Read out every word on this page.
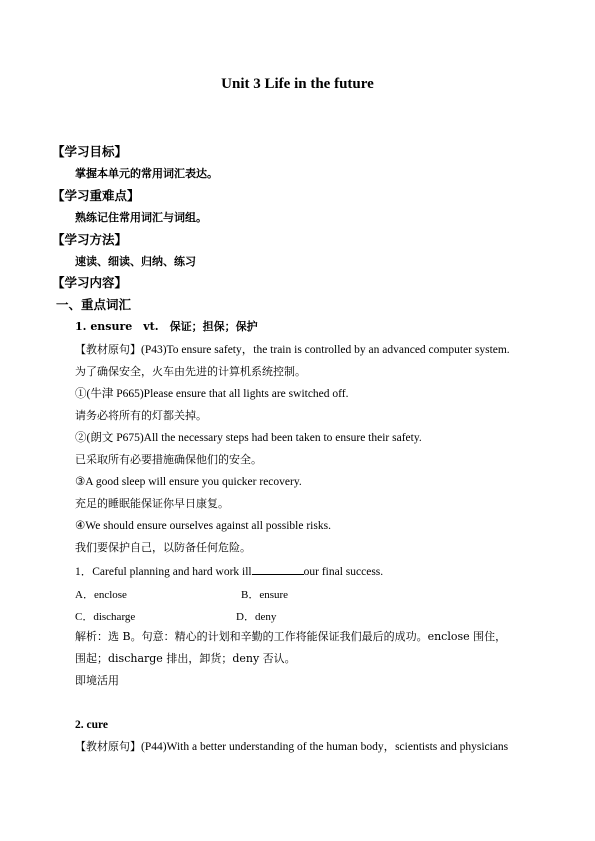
Unit 3 Life in the future
【学习目标】
掌握本单元的常用词汇表达。
【学习重难点】
熟练记住常用词汇与词组。
【学习方法】
速读、细读、归纳、练习
【学习内容】
一、重点词汇
1. ensure　vt.　保证；担保；保护
【教材原句】(P43)To ensure safety，the train is controlled by an advanced computer system.
为了确保安全，火车由先进的计算机系统控制。
①(牛津 P665)Please ensure that all lights are switched off.
请务必将所有的灯都关掉。
②(朗文 P675)All the necessary steps had been taken to ensure their safety.
已采取所有必要措施确保他们的安全。
③A good sleep will ensure you quicker recovery.
充足的睡眠能保证你早日康复。
④We should ensure ourselves against all possible risks.
我们要保护自己，以防备任何危险。
1．Careful planning and hard work ill	our final success.
A．enclose	B．ensure
C．discharge	D．deny
解析：选 B。句意：精心的计划和辛勤的工作将能保证我们最后的成功。enclose 围住，
围起；discharge 排出，卸货；deny 否认。
即境活用
2. cure
【教材原句】(P44)With a better understanding of the human body，scientists and physicians
